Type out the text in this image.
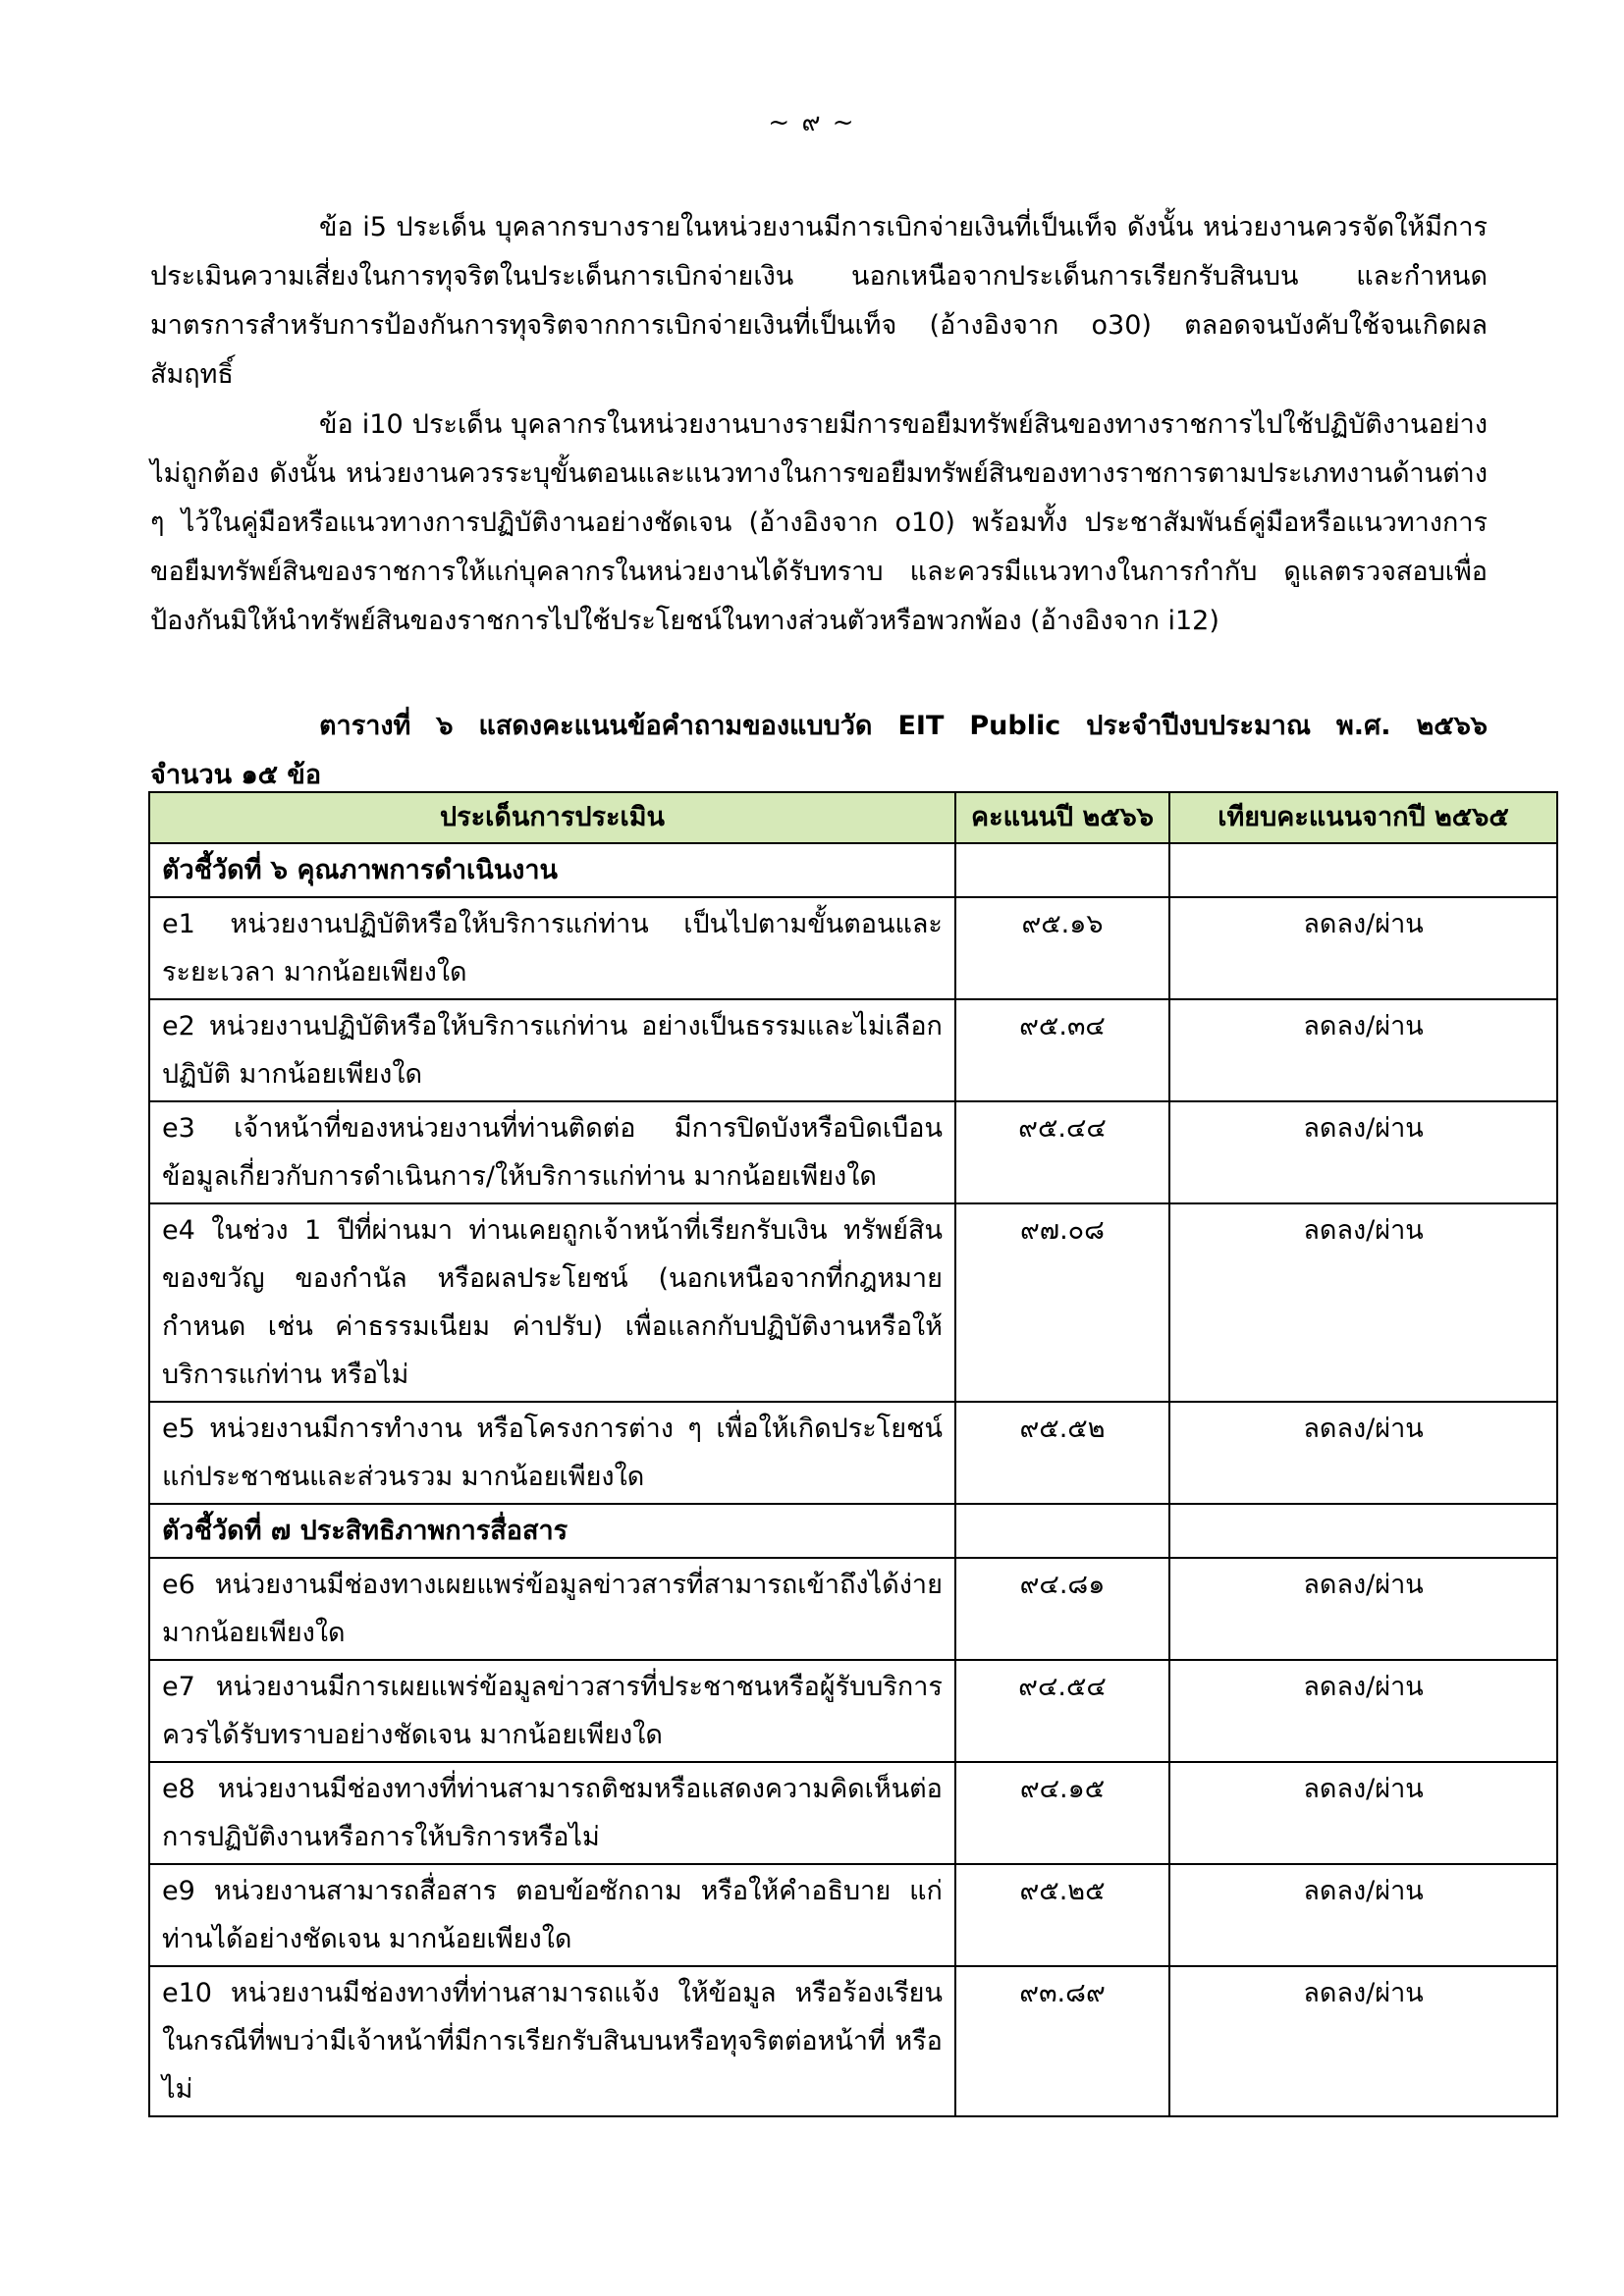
~ ๙ ~

ข้อ i5 ประเด็น บุคลากรบางรายในหน่วยงานมีการเบิกจ่ายเงินที่เป็นเท็จ ดังนั้น หน่วยงานควรจัดให้มีการประเมินความเสี่ยงในการทุจริตในประเด็นการเบิกจ่ายเงิน นอกเหนือจากประเด็นการเรียกรับสินบน และกำหนดมาตรการสำหรับการป้องกันการทุจริตจากการเบิกจ่ายเงินที่เป็นเท็จ (อ้างอิงจาก o30) ตลอดจนบังคับใช้จนเกิดผลสัมฤทธิ์

ข้อ i10 ประเด็น บุคลากรในหน่วยงานบางรายมีการขอยืมทรัพย์สินของทางราชการไปใช้ปฏิบัติงานอย่างไม่ถูกต้อง ดังนั้น หน่วยงานควรระบุขั้นตอนและแนวทางในการขอยืมทรัพย์สินของทางราชการตามประเภทงานด้านต่าง ๆ ไว้ในคู่มือหรือแนวทางการปฏิบัติงานอย่างชัดเจน (อ้างอิงจาก o10) พร้อมทั้ง ประชาสัมพันธ์คู่มือหรือแนวทางการขอยืมทรัพย์สินของราชการให้แก่บุคลากรในหน่วยงานได้รับทราบ และควรมีแนวทางในการกำกับ ดูแลตรวจสอบเพื่อป้องกันมิให้นำทรัพย์สินของราชการไปใช้ประโยชน์ในทางส่วนตัวหรือพวกพ้อง (อ้างอิงจาก i12)

ตารางที่ ๖ แสดงคะแนนข้อคำถามของแบบวัด EIT Public ประจำปีงบประมาณ พ.ศ. ๒๕๖๖
จำนวน ๑๕ ข้อ
ประเด็นการประเมิน	คะแนนปี ๒๕๖๖	เทียบคะแนนจากปี ๒๕๖๕
ตัวชี้วัดที่ ๖ คุณภาพการดำเนินงาน		
e1 หน่วยงานปฏิบัติหรือให้บริการแก่ท่าน เป็นไปตามขั้นตอนและระยะเวลา มากน้อยเพียงใด	๙๕.๑๖	ลดลง/ผ่าน
e2 หน่วยงานปฏิบัติหรือให้บริการแก่ท่าน อย่างเป็นธรรมและไม่เลือกปฏิบัติ มากน้อยเพียงใด	๙๕.๓๔	ลดลง/ผ่าน
e3 เจ้าหน้าที่ของหน่วยงานที่ท่านติดต่อ มีการปิดบังหรือบิดเบือนข้อมูลเกี่ยวกับการดำเนินการ/ให้บริการแก่ท่าน มากน้อยเพียงใด	๙๕.๔๔	ลดลง/ผ่าน
e4 ในช่วง 1 ปีที่ผ่านมา ท่านเคยถูกเจ้าหน้าที่เรียกรับเงิน ทรัพย์สิน ของขวัญ ของกำนัล หรือผลประโยชน์ (นอกเหนือจากที่กฎหมายกำหนด เช่น ค่าธรรมเนียม ค่าปรับ) เพื่อแลกกับปฏิบัติงานหรือให้บริการแก่ท่าน หรือไม่	๙๗.๐๘	ลดลง/ผ่าน
e5 หน่วยงานมีการทำงาน หรือโครงการต่าง ๆ เพื่อให้เกิดประโยชน์แก่ประชาชนและส่วนรวม มากน้อยเพียงใด	๙๕.๕๒	ลดลง/ผ่าน
ตัวชี้วัดที่ ๗ ประสิทธิภาพการสื่อสาร		
e6 หน่วยงานมีช่องทางเผยแพร่ข้อมูลข่าวสารที่สามารถเข้าถึงได้ง่าย มากน้อยเพียงใด	๙๔.๘๑	ลดลง/ผ่าน
e7 หน่วยงานมีการเผยแพร่ข้อมูลข่าวสารที่ประชาชนหรือผู้รับบริการควรได้รับทราบอย่างชัดเจน มากน้อยเพียงใด	๙๔.๕๔	ลดลง/ผ่าน
e8 หน่วยงานมีช่องทางที่ท่านสามารถติชมหรือแสดงความคิดเห็นต่อการปฏิบัติงานหรือการให้บริการหรือไม่	๙๔.๑๕	ลดลง/ผ่าน
e9 หน่วยงานสามารถสื่อสาร ตอบข้อซักถาม หรือให้คำอธิบาย แก่ท่านได้อย่างชัดเจน มากน้อยเพียงใด	๙๕.๒๕	ลดลง/ผ่าน
e10 หน่วยงานมีช่องทางที่ท่านสามารถแจ้ง ให้ข้อมูล หรือร้องเรียน ในกรณีที่พบว่ามีเจ้าหน้าที่มีการเรียกรับสินบนหรือทุจริตต่อหน้าที่ หรือไม่	๙๓.๘๙	ลดลง/ผ่าน
